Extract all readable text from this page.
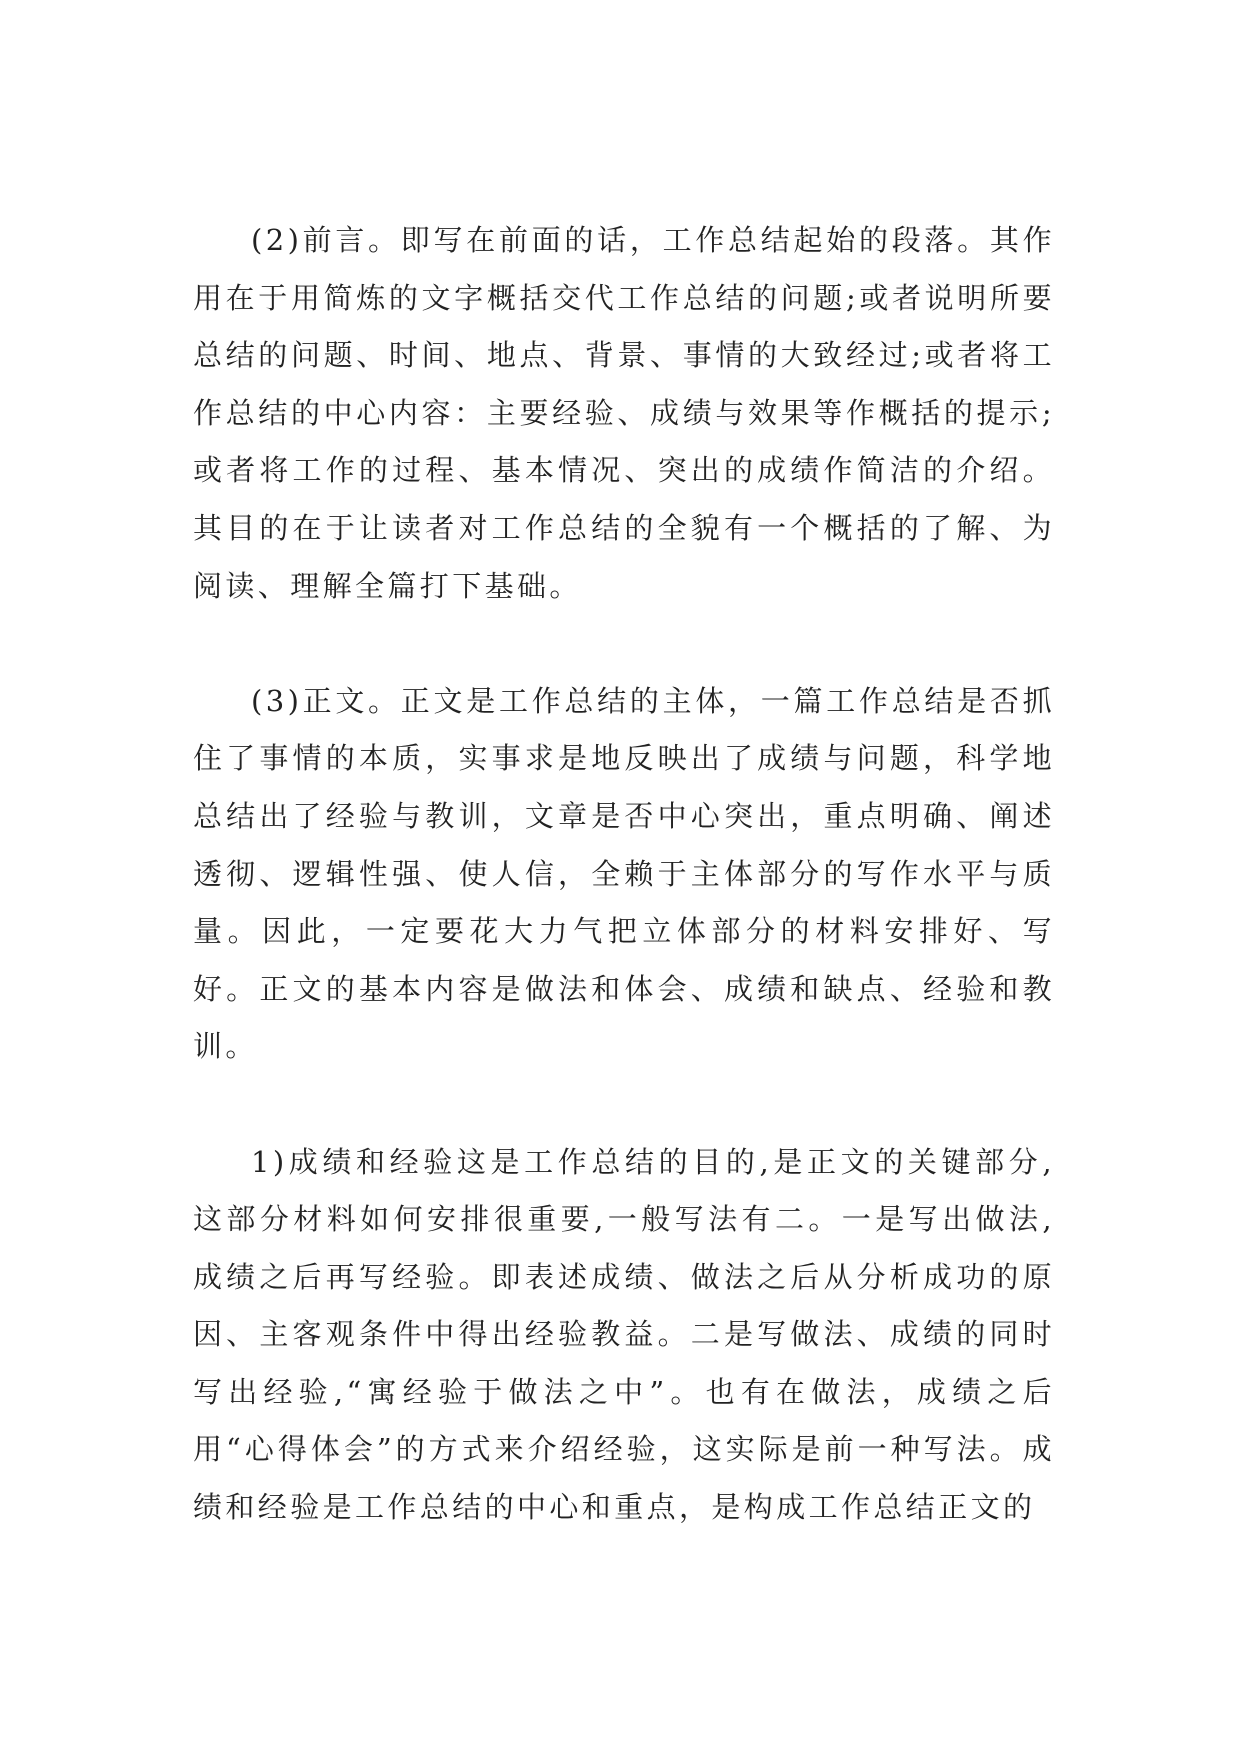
(2)前言。即写在前面的话，工作总结起始的段落。其作用在于用简炼的文字概括交代工作总结的问题;或者说明所要总结的问题、时间、地点、背景、事情的大致经过;或者将工作总结的中心内容：主要经验、成绩与效果等作概括的提示;或者将工作的过程、基本情况、突出的成绩作简洁的介绍。其目的在于让读者对工作总结的全貌有一个概括的了解、为阅读、理解全篇打下基础。

(3)正文。正文是工作总结的主体，一篇工作总结是否抓住了事情的本质，实事求是地反映出了成绩与问题，科学地总结出了经验与教训，文章是否中心突出，重点明确、阐述透彻、逻辑性强、使人信，全赖于主体部分的写作水平与质量。因此，一定要花大力气把立体部分的材料安排好、写好。正文的基本内容是做法和体会、成绩和缺点、经验和教训。

1)成绩和经验这是工作总结的目的,是正文的关键部分,这部分材料如何安排很重要,一般写法有二。一是写出做法,成绩之后再写经验。即表述成绩、做法之后从分析成功的原因、主客观条件中得出经验教益。二是写做法、成绩的同时写出经验,“寓经验于做法之中”。也有在做法，成绩之后用“心得体会”的方式来介绍经验，这实际是前一种写法。成绩和经验是工作总结的中心和重点，是构成工作总结正文的
